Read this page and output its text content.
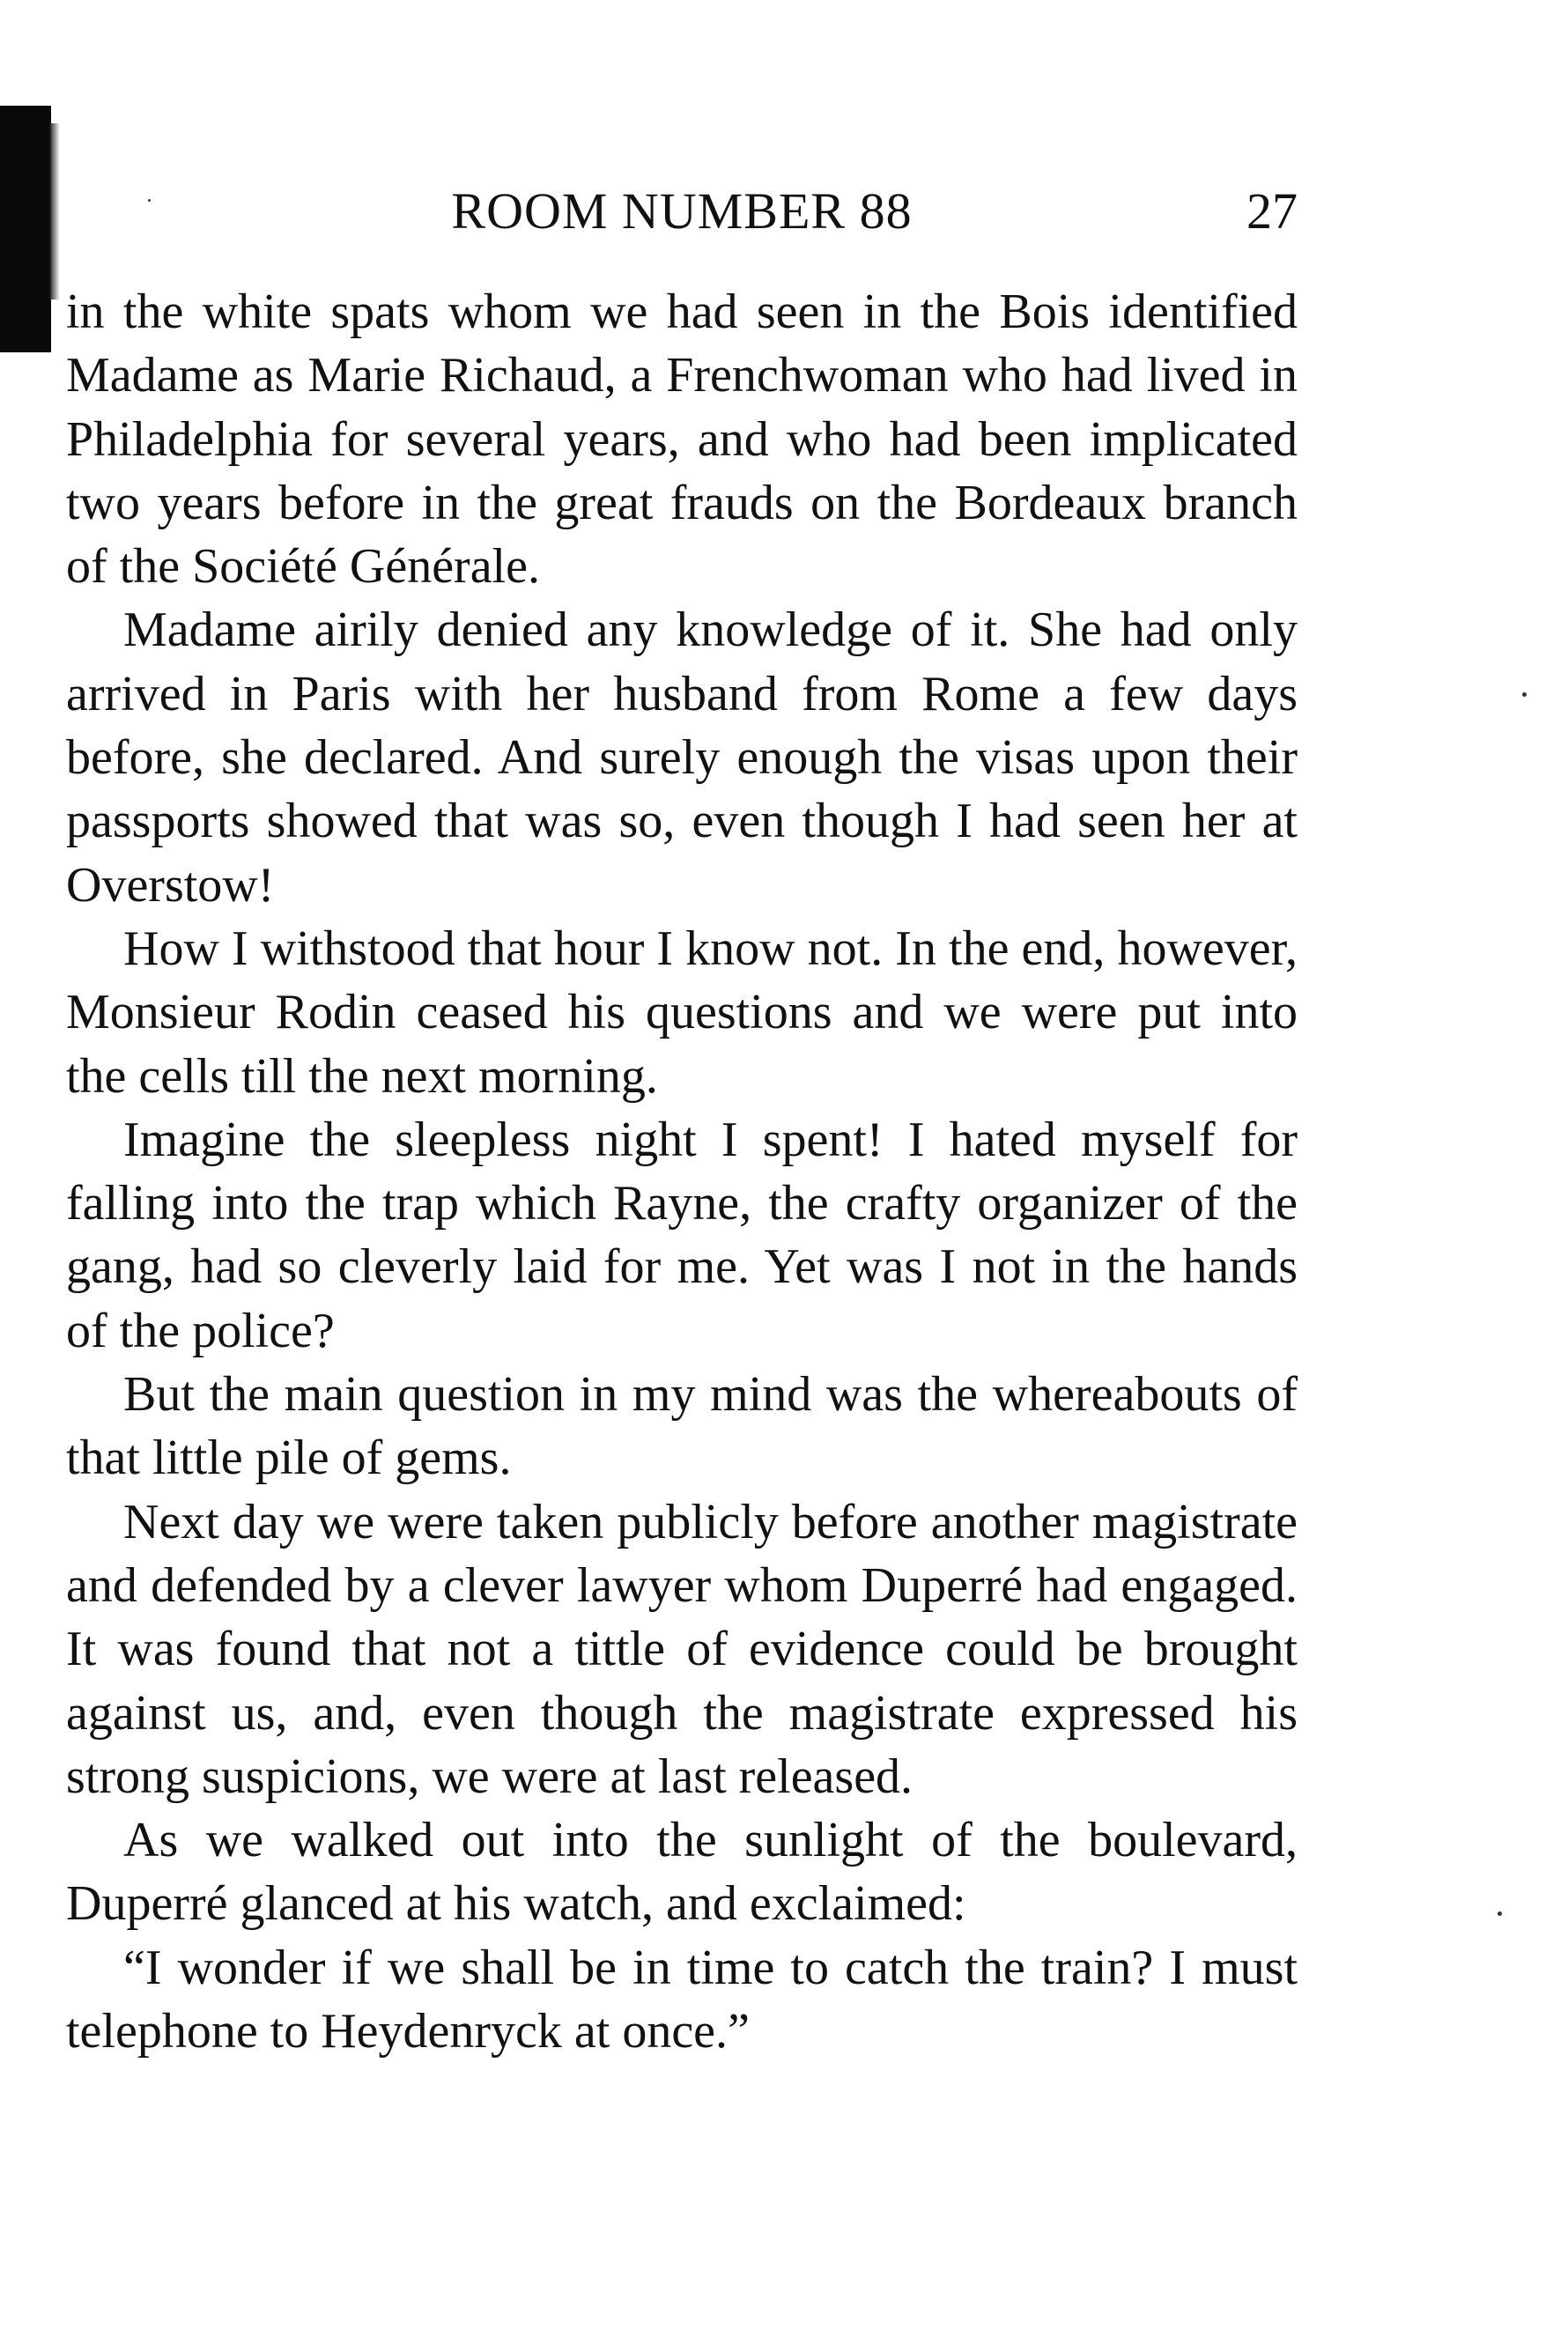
ROOM NUMBER 88	27

in the white spats whom we had seen in the Bois identified Madame as Marie Richaud, a Frenchwoman who had lived in Philadelphia for several years, and who had been implicated two years before in the great frauds on the Bordeaux branch of the Société Générale.

Madame airily denied any knowledge of it. She had only arrived in Paris with her husband from Rome a few days before, she declared. And surely enough the visas upon their passports showed that was so, even though I had seen her at Overstow!

How I withstood that hour I know not. In the end, however, Monsieur Rodin ceased his questions and we were put into the cells till the next morning.

Imagine the sleepless night I spent! I hated myself for falling into the trap which Rayne, the crafty organizer of the gang, had so cleverly laid for me. Yet was I not in the hands of the police?

But the main question in my mind was the whereabouts of that little pile of gems.

Next day we were taken publicly before another magistrate and defended by a clever lawyer whom Duperré had engaged. It was found that not a tittle of evidence could be brought against us, and, even though the magistrate expressed his strong suspicions, we were at last released.

As we walked out into the sunlight of the boulevard, Duperré glanced at his watch, and exclaimed:

“I wonder if we shall be in time to catch the train? I must telephone to Heydenryck at once.”
